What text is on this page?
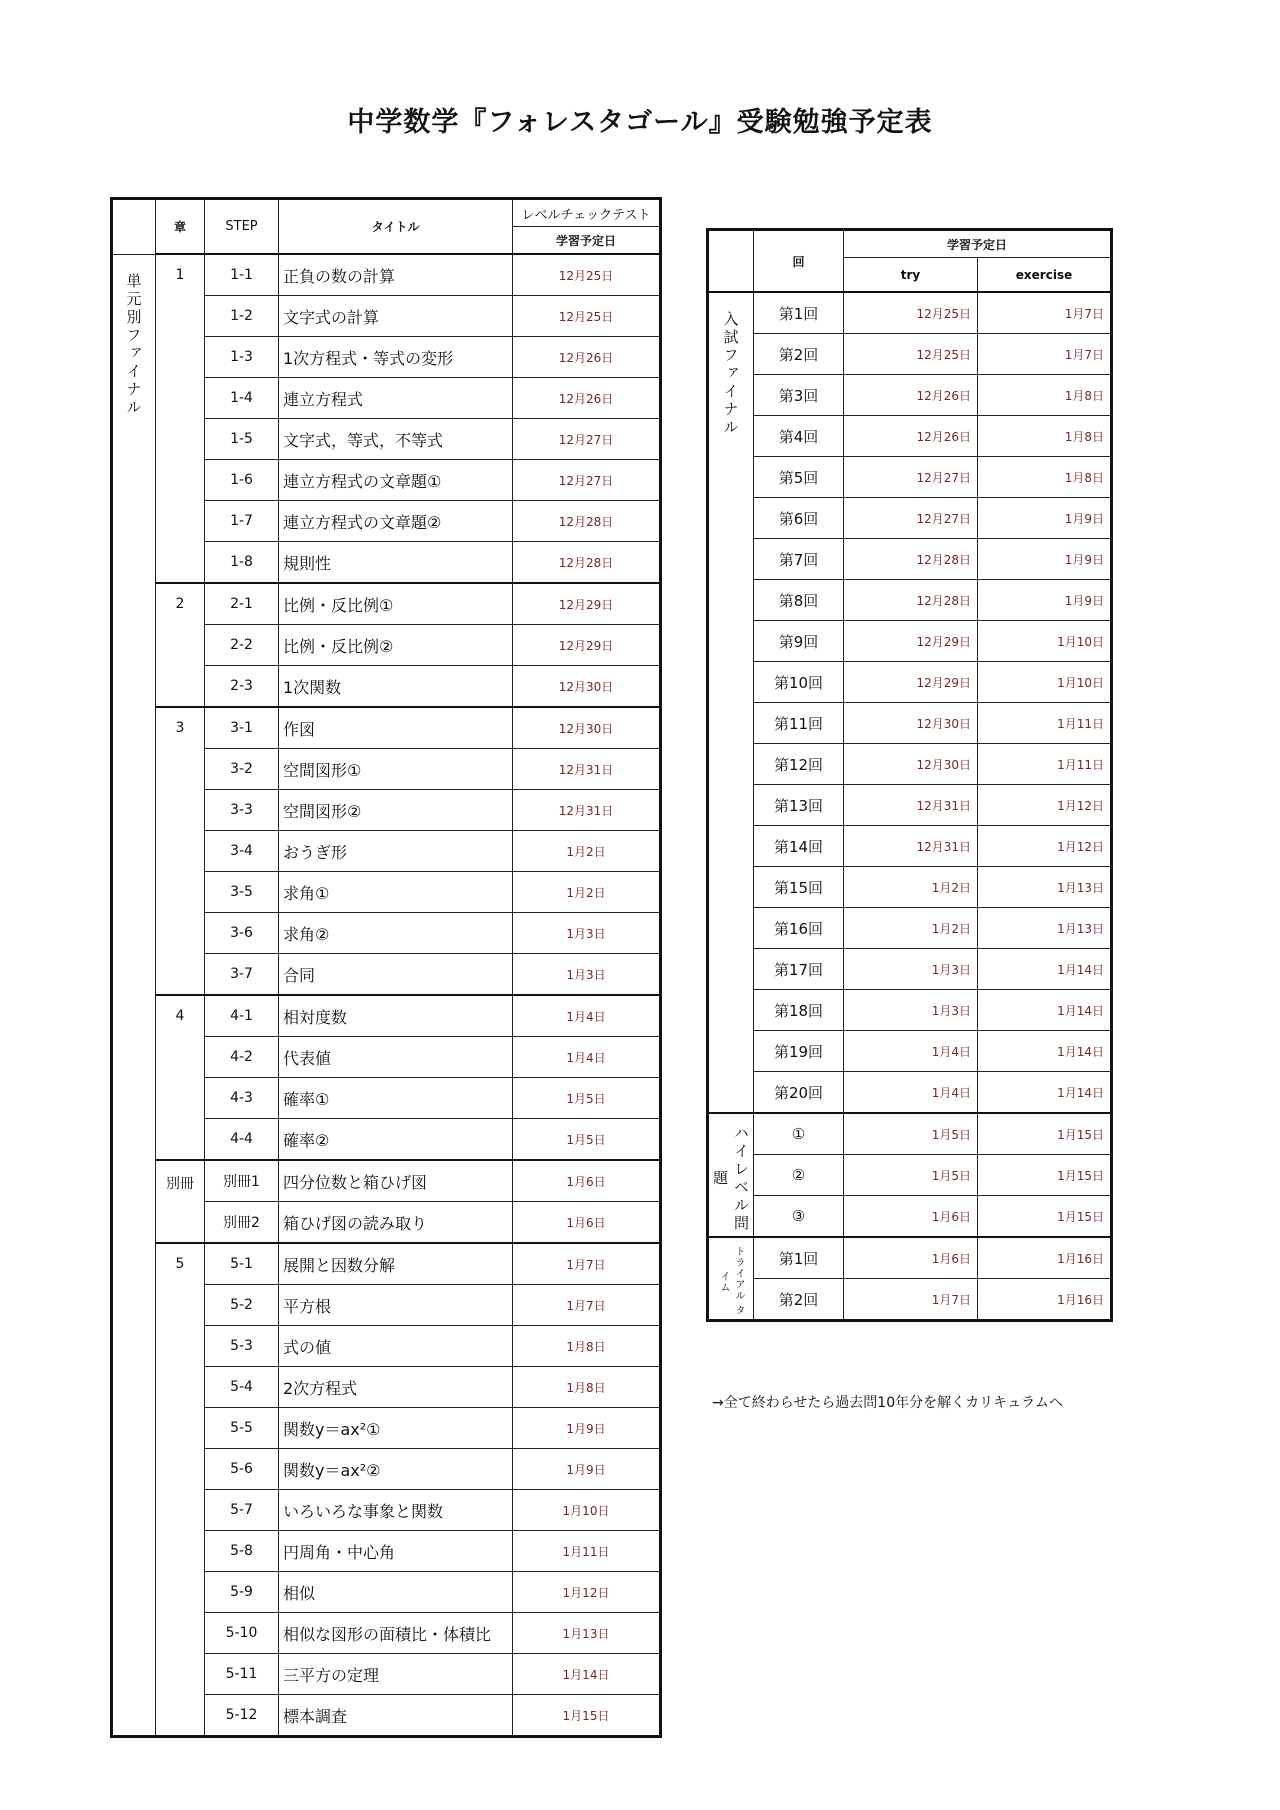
中学数学『フォレスタゴール』受験勉強予定表
	章	STEP	タイトル	レベルチェックテスト
				学習予定日

単元別ファイナル	1	1-1	正負の数の計算	12月25日
		1-2	文字式の計算	12月25日
		1-3	1次方程式・等式の変形	12月26日
		1-4	連立方程式	12月26日
		1-5	文字式，等式，不等式	12月27日
		1-6	連立方程式の文章題①	12月27日
		1-7	連立方程式の文章題②	12月28日
		1-8	規則性	12月28日
	2	2-1	比例・反比例①	12月29日
		2-2	比例・反比例②	12月29日
		2-3	1次関数	12月30日
	3	3-1	作図	12月30日
		3-2	空間図形①	12月31日
		3-3	空間図形②	12月31日
		3-4	おうぎ形	1月2日
		3-5	求角①	1月2日
		3-6	求角②	1月3日
		3-7	合同	1月3日
	4	4-1	相対度数	1月4日
		4-2	代表値	1月4日
		4-3	確率①	1月5日
		4-4	確率②	1月5日
	別冊	別冊1	四分位数と箱ひげ図	1月6日
		別冊2	箱ひげ図の読み取り	1月6日
	5	5-1	展開と因数分解	1月7日
		5-2	平方根	1月7日
		5-3	式の値	1月8日
		5-4	2次方程式	1月8日
		5-5	関数y＝ax²①	1月9日
		5-6	関数y＝ax²②	1月9日
		5-7	いろいろな事象と関数	1月10日
		5-8	円周角・中心角	1月11日
		5-9	相似	1月12日
		5-10	相似な図形の面積比・体積比	1月13日
		5-11	三平方の定理	1月14日
		5-12	標本調査	1月15日
	回	学習予定日	
		try	exercise

入試ファイナル	第1回	12月25日	1月7日
	第2回	12月25日	1月7日
	第3回	12月26日	1月8日
	第4回	12月26日	1月8日
	第5回	12月27日	1月8日
	第6回	12月27日	1月9日
	第7回	12月28日	1月9日
	第8回	12月28日	1月9日
	第9回	12月29日	1月10日
	第10回	12月29日	1月10日
	第11回	12月30日	1月11日
	第12回	12月30日	1月11日
	第13回	12月31日	1月12日
	第14回	12月31日	1月12日
	第15回	1月2日	1月13日
	第16回	1月2日	1月13日
	第17回	1月3日	1月14日
	第18回	1月3日	1月14日
	第19回	1月4日	1月14日
	第20回	1月4日	1月14日

ハイレベル問題	①	1月5日	1月15日
	②	1月5日	1月15日
	③	1月6日	1月15日

トライアル タイム	第1回	1月6日	1月16日
	第2回	1月7日	1月16日
→全て終わらせたら過去問10年分を解くカリキュラムへ
